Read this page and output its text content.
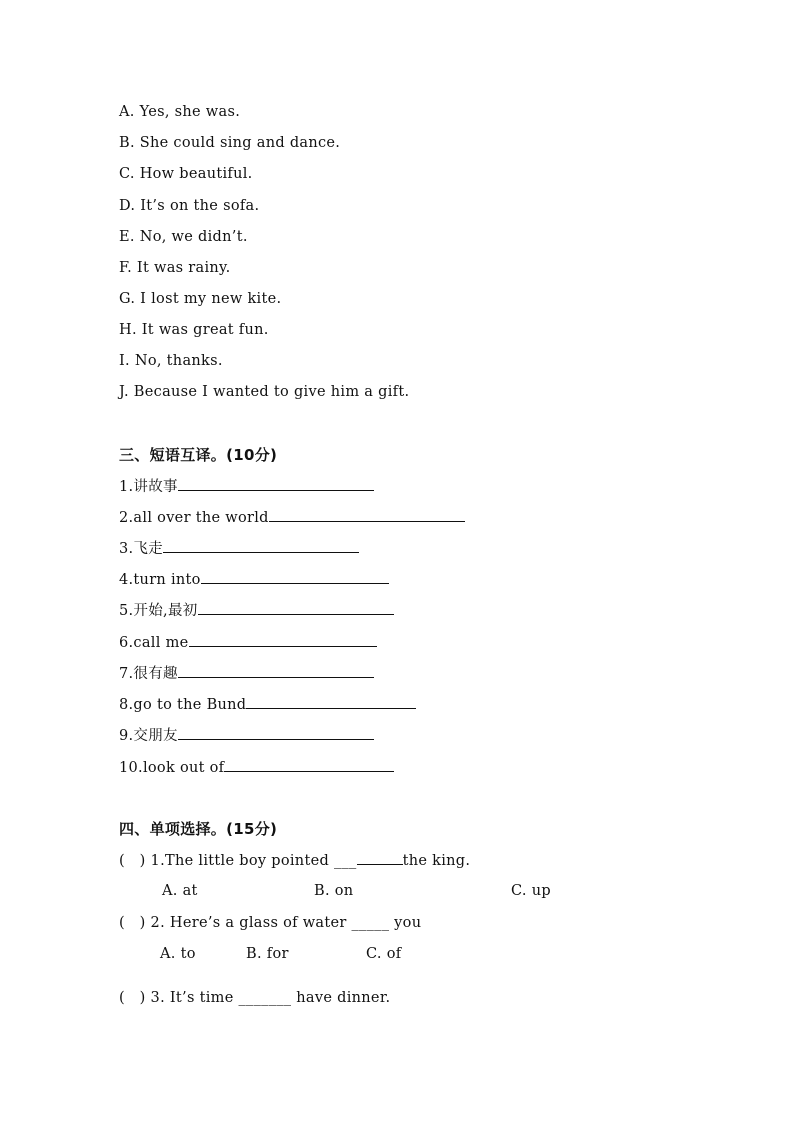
A. Yes, she was.
B. She could sing and dance.
C. How beautiful.
D. It’s on the sofa.
E. No, we didn’t.
F. It was rainy.
G. I lost my new kite.
H. It was great fun.
I. No, thanks.
J. Because I wanted to give him a gift.
三、短语互译。(10分)
1.讲故事
2.all over the world
3.飞走
4.turn into
5.开始,最初
6.call me
7.很有趣
8.go to the Bund
9.交朋友
10.look out of
四、单项选择。(15分)
(   ) 1.The little boy pointed ___	the king.
A. at	B. on	C. up
(   ) 2. Here’s a glass of water _____ you
A. to	B. for	C. of
(   ) 3. It’s time _______ have dinner.
